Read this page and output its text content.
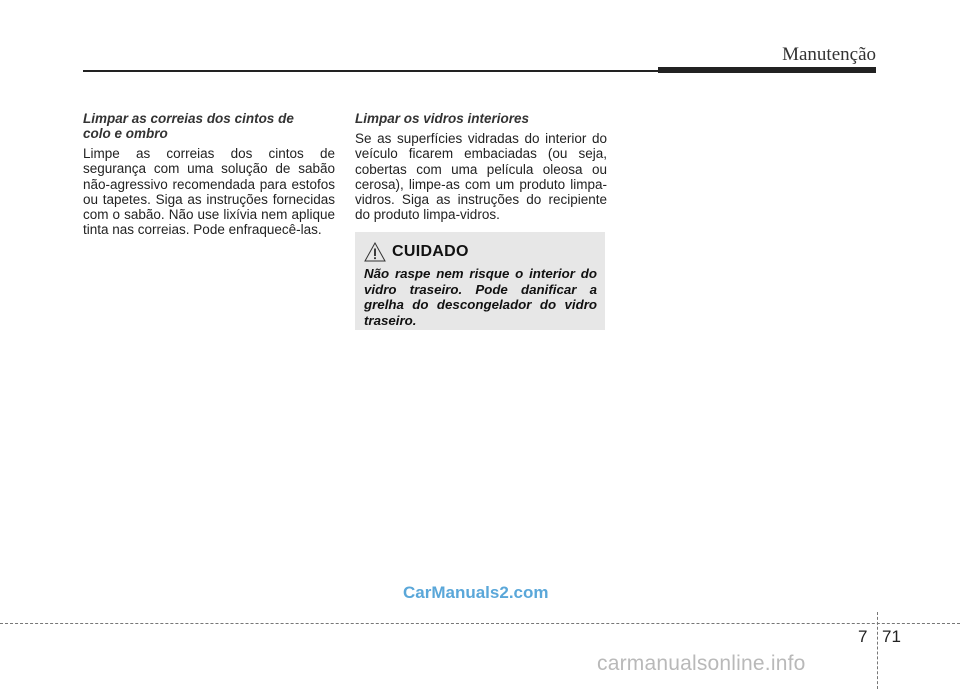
Manutenção
Limpar as correias dos cintos de colo e ombro

Limpe as correias dos cintos de segurança com uma solução de sabão não-agressivo recomendada para estofos ou tapetes. Siga as instruções fornecidas com o sabão. Não use lixívia nem aplique tinta nas correias. Pode enfraquecê-las.

Limpar os vidros interiores

Se as superfícies vidradas do interior do veículo ficarem embaciadas (ou seja, cobertas com uma película oleosa ou cerosa), limpe-as com um produto limpa-vidros. Siga as instruções do recipiente do produto limpa-vidros.

CUIDADO

Não raspe nem risque o interior do vidro traseiro. Pode danificar a grelha do descongelador do vidro traseiro.

CarManuals2.com
7 71
carmanualsonline.info
